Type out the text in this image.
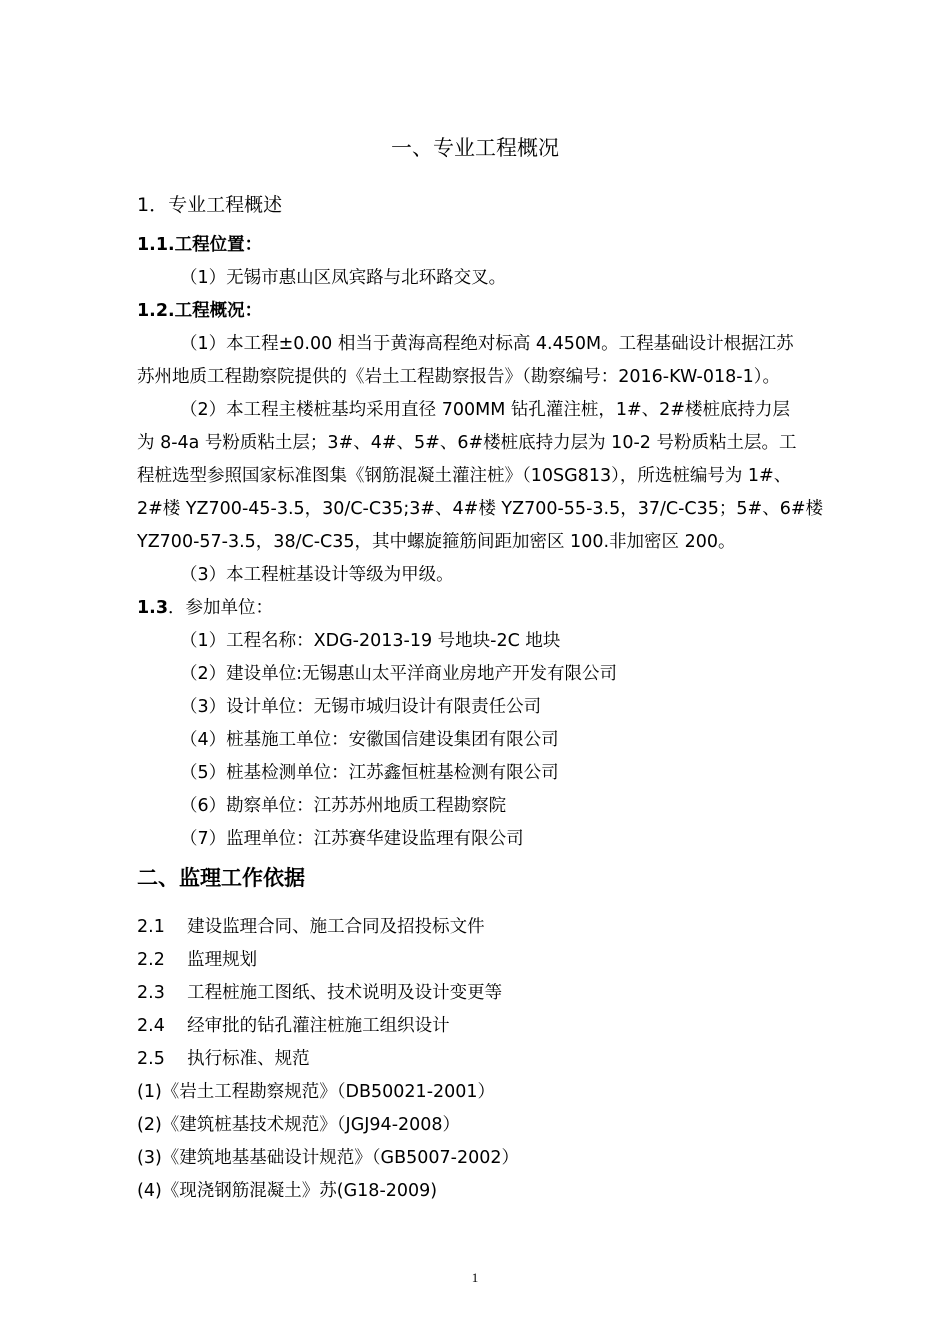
一、专业工程概况
1．专业工程概述
1.1.工程位置：
（1）无锡市惠山区凤宾路与北环路交叉。
1.2.工程概况：
（1）本工程±0.00 相当于黄海高程绝对标高 4.450M。工程基础设计根据江苏
苏州地质工程勘察院提供的《岩土工程勘察报告》（勘察编号：2016-KW-018-1）。
（2）本工程主楼桩基均采用直径 700MM 钻孔灌注桩，1#、2#楼桩底持力层
为 8-4a 号粉质粘土层；3#、4#、5#、6#楼桩底持力层为 10-2 号粉质粘土层。工
程桩选型参照国家标准图集《钢筋混凝土灌注桩》（10SG813），所选桩编号为 1#、
2#楼 YZ700-45-3.5，30/C-C35;3#、4#楼 YZ700-55-3.5，37/C-C35；5#、6#楼
YZ700-57-3.5，38/C-C35，其中螺旋箍筋间距加密区 100.非加密区 200。
（3）本工程桩基设计等级为甲级。
1.3．参加单位：
（1）工程名称：XDG-2013-19 号地块-2C 地块
（2）建设单位:无锡惠山太平洋商业房地产开发有限公司
（3）设计单位：无锡市城归设计有限责任公司
（4）桩基施工单位：安徽国信建设集团有限公司
（5）桩基检测单位：江苏鑫恒桩基检测有限公司
（6）勘察单位：江苏苏州地质工程勘察院
（7）监理单位：江苏赛华建设监理有限公司
二、监理工作依据
2.1    建设监理合同、施工合同及招投标文件
2.2    监理规划
2.3    工程桩施工图纸、技术说明及设计变更等
2.4    经审批的钻孔灌注桩施工组织设计
2.5    执行标准、规范
(1)《岩土工程勘察规范》（DB50021-2001）
(2)《建筑桩基技术规范》（JGJ94-2008）
(3)《建筑地基基础设计规范》（GB5007-2002）
(4)《现浇钢筋混凝土》苏(G18-2009)
1
